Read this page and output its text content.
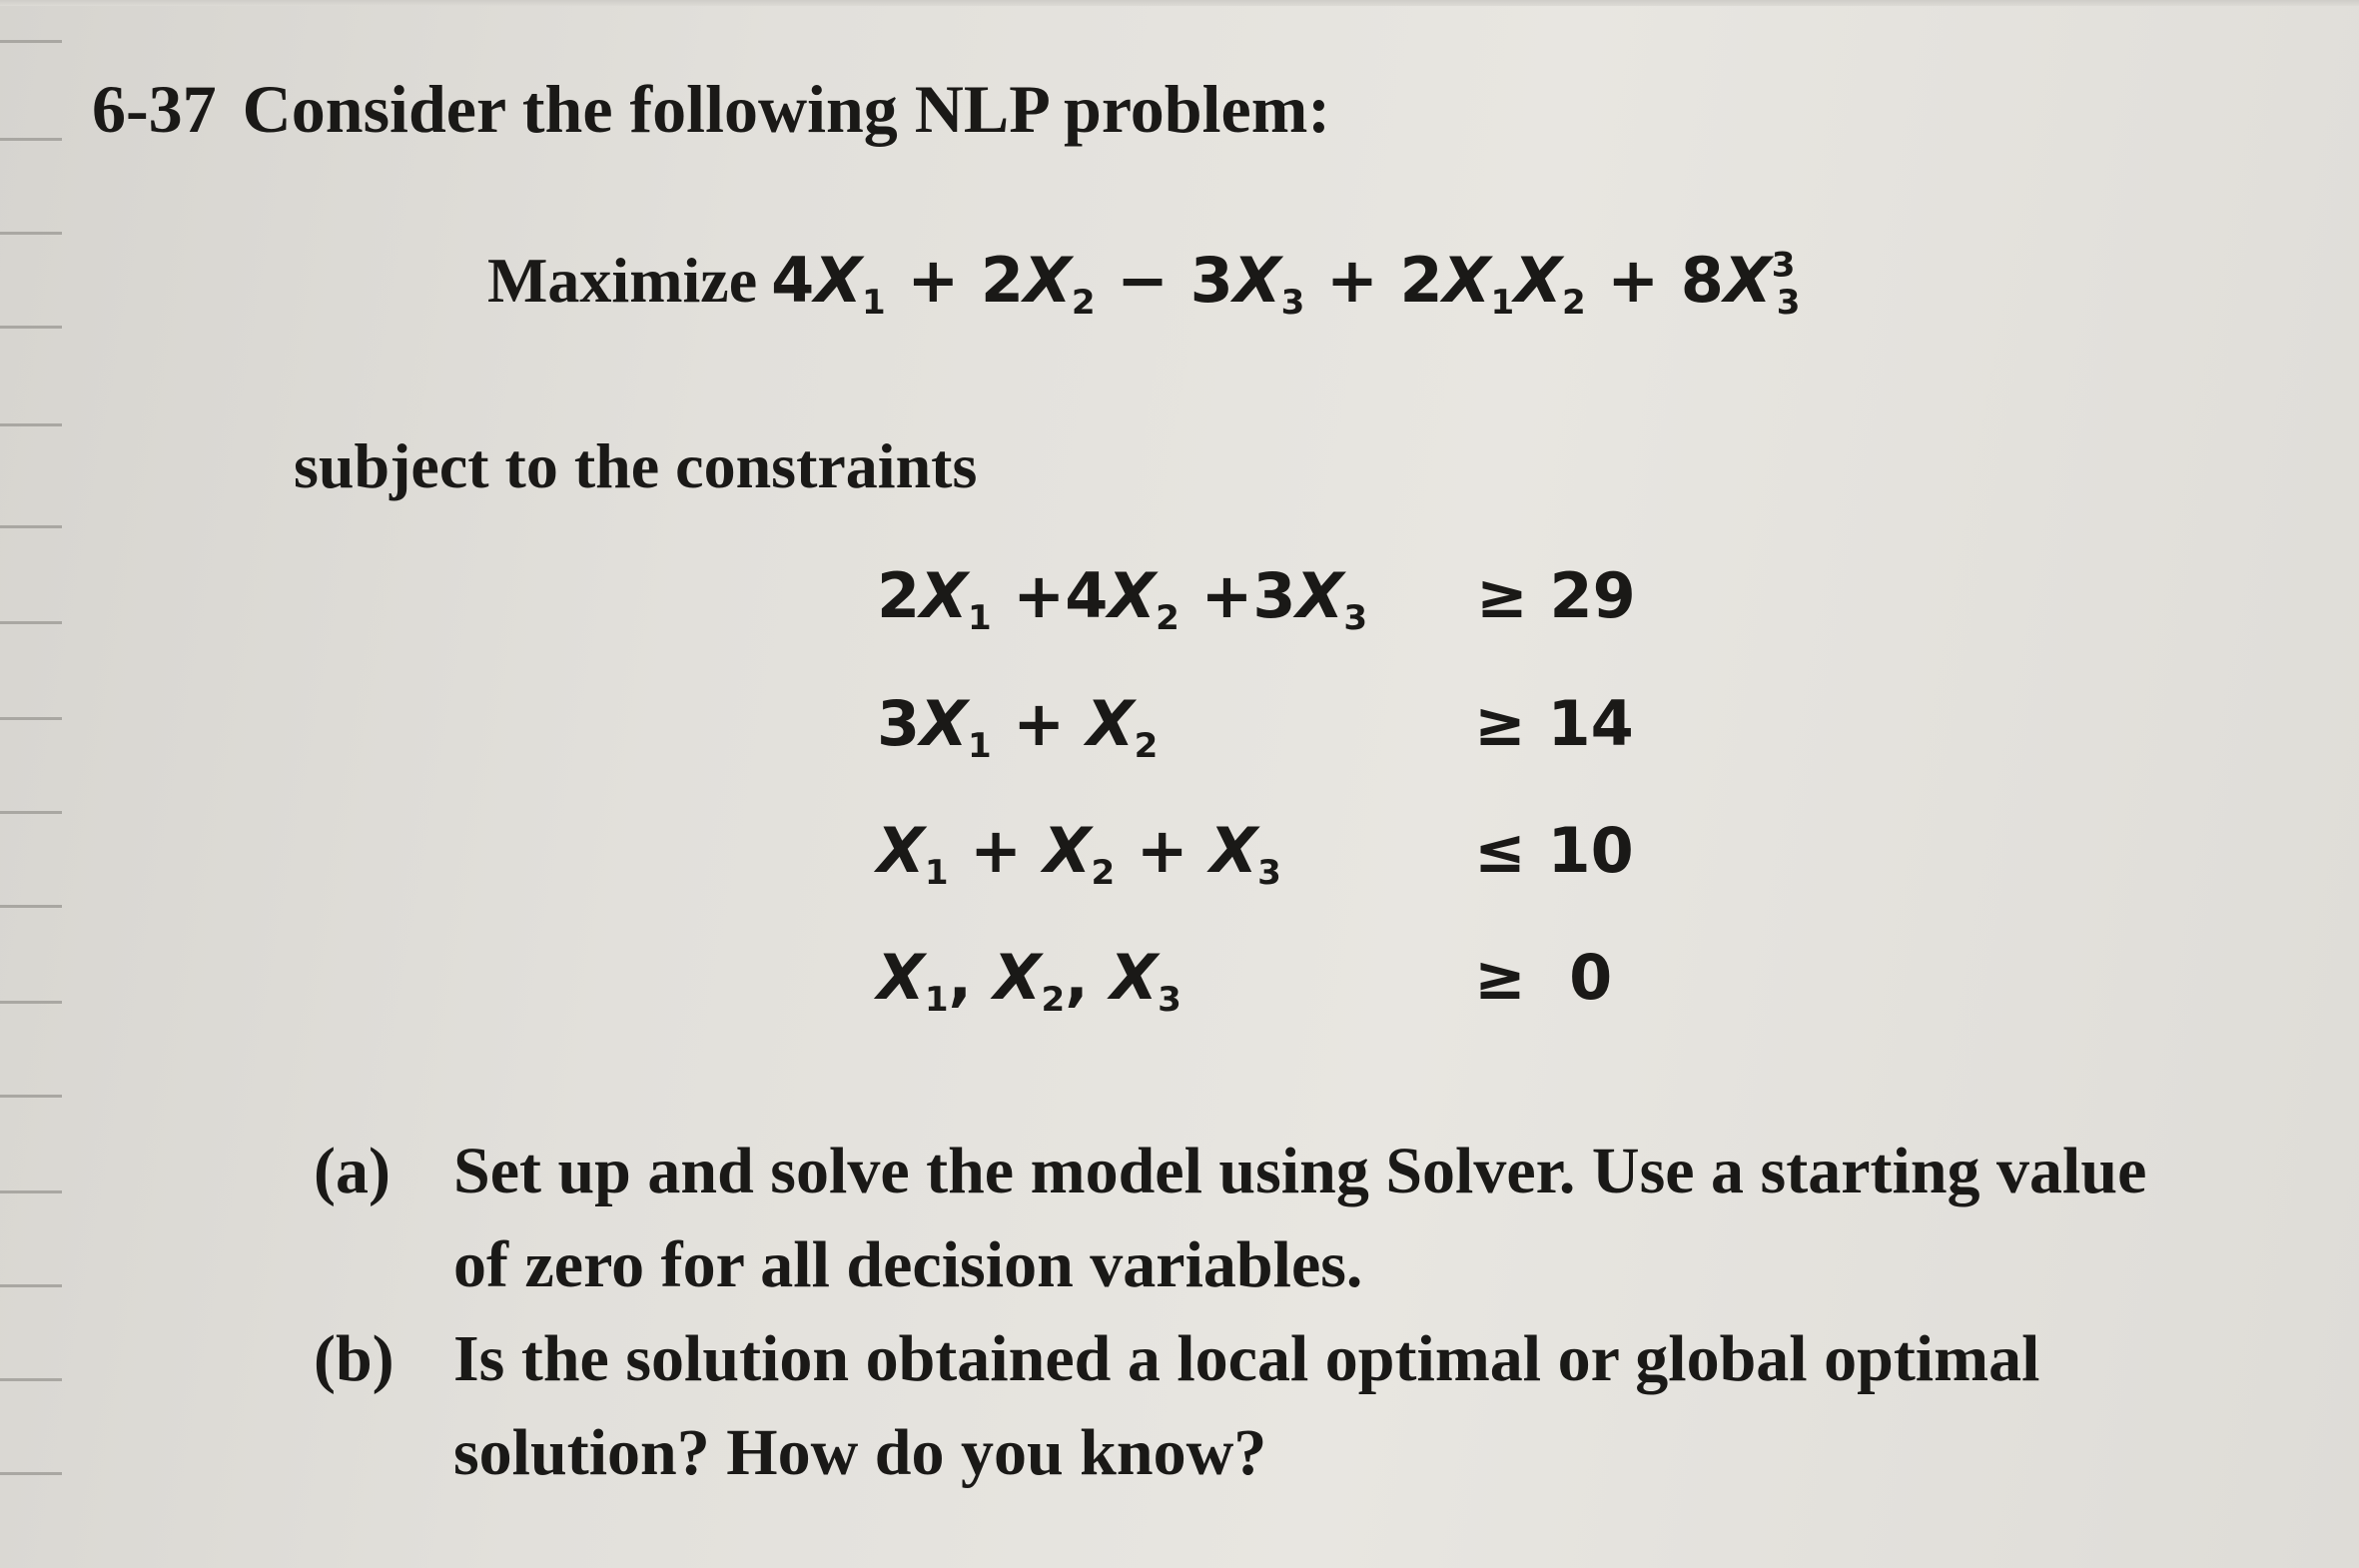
6-37 Consider the following NLP problem:
Maximize $4X_1 + 2X_2 - 3X_3 + 2X_1X_2 + 8X^3_3$
subject to the constraints
$2X_1 +4X_2 +3X_3 \ge 29$
$3X_1 + X_2$	≥ 14
$X_1 + X_2 + X_3$	≤ 10
$X_1$, $X_2$, $X_3$	≥  0
(a) Set up and solve the model using Solver. Use a starting value of zero for all decision variables.
(b) Is the solution obtained a local optimal or global optimal solution? How do you know?
